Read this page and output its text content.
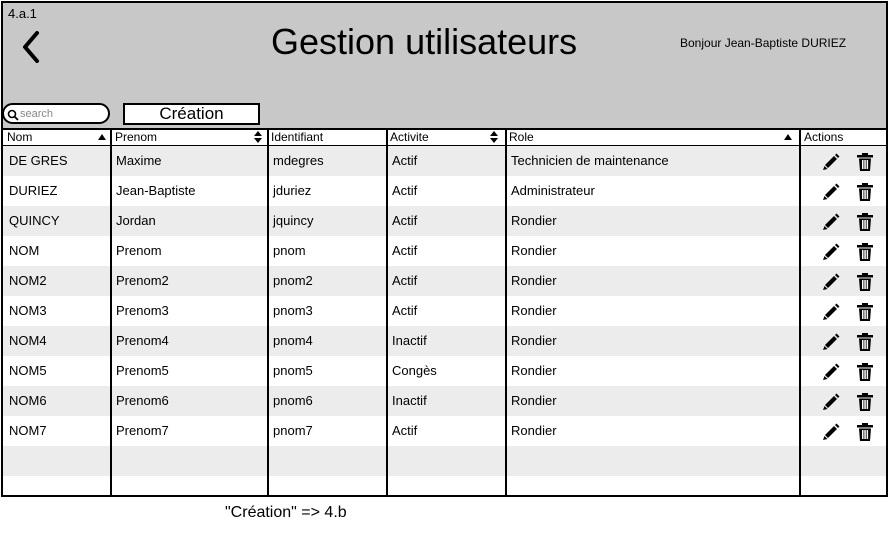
4.a.1
Gestion utilisateurs	Bonjour Jean-Baptiste DURIEZ
search
Création
Nom	Prenom	Identifiant	Activite	Role	Actions
DE GRES	Maxime	mdegres	Actif	Technicien de maintenance
DURIEZ	Jean-Baptiste	jduriez	Actif	Administrateur
QUINCY	Jordan	jquincy	Actif	Rondier
NOM	Prenom	pnom	Actif	Rondier
NOM2	Prenom2	pnom2	Actif	Rondier
NOM3	Prenom3	pnom3	Actif	Rondier
NOM4	Prenom4	pnom4	Inactif	Rondier
NOM5	Prenom5	pnom5	Congès	Rondier
NOM6	Prenom6	pnom6	Inactif	Rondier
NOM7	Prenom7	pnom7	Actif	Rondier
"Création" => 4.b
